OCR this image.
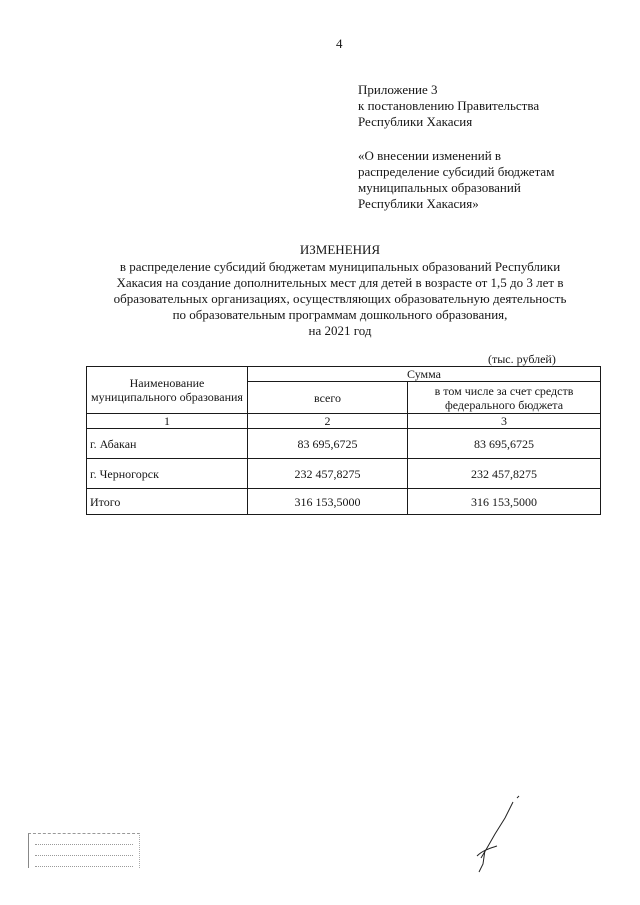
4
Приложение 3
к постановлению Правительства
Республики Хакасия
«О внесении изменений в
распределение субсидий бюджетам
муниципальных образований
Республики Хакасия»
ИЗМЕНЕНИЯ
в распределение субсидий бюджетам муниципальных образований Республики
Хакасия на создание дополнительных мест для детей в возрасте от 1,5 до 3 лет в
образовательных организациях, осуществляющих образовательную деятельность
по образовательным программам дошкольного образования,
на 2021 год
(тыс. рублей)
Наименование муниципального образования	Сумма	
	всего	в том числе за счет средств федерального бюджета
1	2	3
г. Абакан	83 695,6725	83 695,6725
г. Черногорск	232 457,8275	232 457,8275
Итого	316 153,5000	316 153,5000
